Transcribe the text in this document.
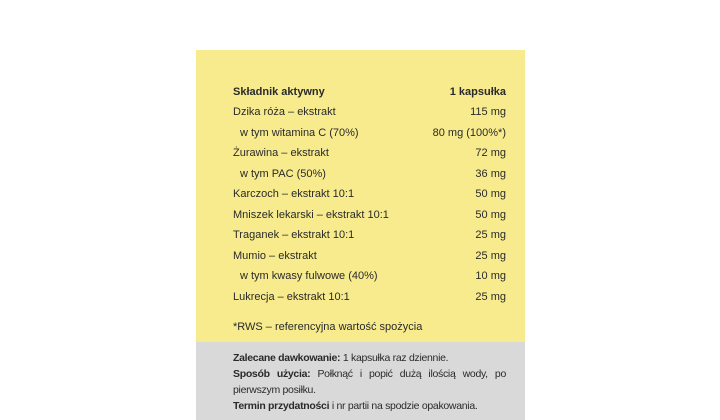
Składnik aktywny	1 kapsułka
Dzika róża – ekstrakt	115 mg
w tym witamina C (70%)	80 mg (100%*)
Żurawina – ekstrakt	72 mg
w tym PAC (50%)	36 mg
Karczoch – ekstrakt 10:1	50 mg
Mniszek lekarski – ekstrakt 10:1	50 mg
Traganek – ekstrakt 10:1	25 mg
Mumio – ekstrakt	25 mg
w tym kwasy fulwowe (40%)	10 mg
Lukrecja – ekstrakt 10:1	25 mg
*RWS – referencyjna wartość spożycia

Zalecane dawkowanie: 1 kapsułka raz dziennie.

Sposób użycia: Połknąć i popić dużą ilością wody, po pierwszym posiłku.

Termin przydatności i nr partii na spodzie opakowania.
